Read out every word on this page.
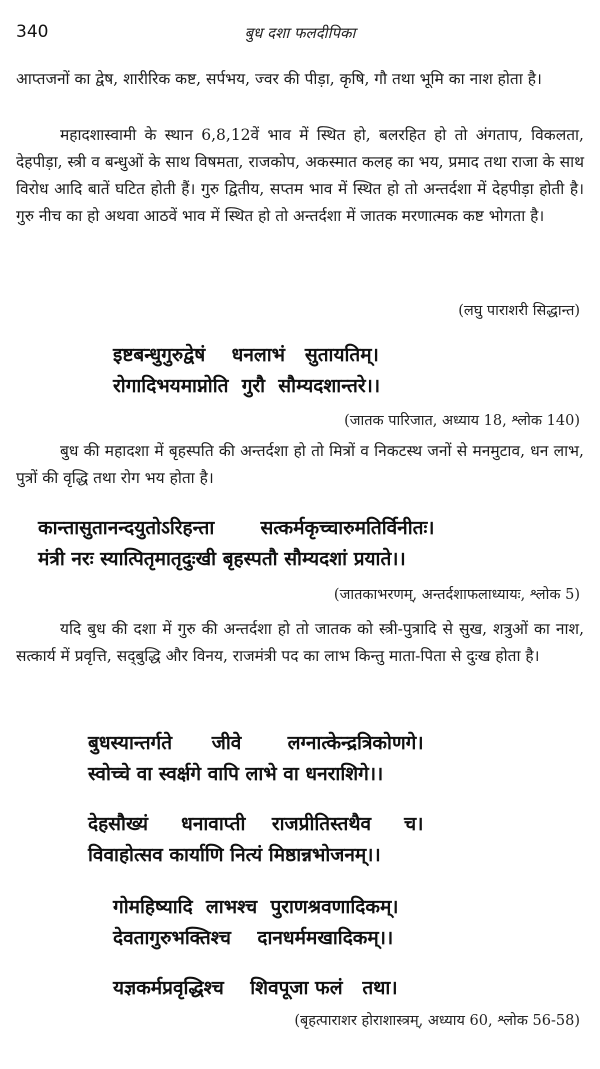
340	बुध दशा फलदीपिका

आप्तजनों का द्वेष, शारीरिक कष्ट, सर्पभय, ज्वर की पीड़ा, कृषि, गौ तथा भूमि का नाश होता है।

महादशास्वामी के स्थान 6,8,12वें भाव में स्थित हो, बलरहित हो तो अंगताप, विकलता, देहपीड़ा, स्त्री व बन्धुओं के साथ विषमता, राजकोप, अकस्मात कलह का भय, प्रमाद तथा राजा के साथ विरोध आदि बातें घटित होती हैं। गुरु द्वितीय, सप्तम भाव में स्थित हो तो अन्तर्दशा में देहपीड़ा होती है। गुरु नीच का हो अथवा आठवें भाव में स्थित हो तो अन्तर्दशा में जातक मरणात्मक कष्ट भोगता है।

(लघु पाराशरी सिद्धान्त)
इष्टबन्धुगुरुद्वेषं    धनलाभं   सुतायतिम्।
रोगादिभयमाप्नोति  गुरौ  सौम्यदशान्तरे।।
(जातक पारिजात, अध्याय 18, श्लोक 140)

बुध की महादशा में बृहस्पति की अन्तर्दशा हो तो मित्रों व निकटस्थ जनों से मनमुटाव, धन लाभ, पुत्रों की वृद्धि तथा रोग भय होता है।

कान्तासुतानन्दयुतोऽरिहन्ता       सत्कर्मकृच्चारुमतिर्विनीतः।
मंत्री नरः स्यात्पितृमातृदुःखी बृहस्पतौ सौम्यदशां प्रयाते।।
(जातकाभरणम्, अन्तर्दशाफलाध्यायः, श्लोक 5)

यदि बुध की दशा में गुरु की अन्तर्दशा हो तो जातक को स्त्री-पुत्रादि से सुख, शत्रुओं का नाश, सत्कार्य में प्रवृत्ति, सद्‌बुद्धि और विनय, राजमंत्री पद का लाभ किन्तु माता-पिता से दुःख होता है।

बुधस्यान्तर्गते      जीवे       लग्नात्केन्द्रत्रिकोणगे।
स्वोच्चे वा स्वर्क्षगे वापि लाभे वा धनराशिगे।।
देहसौख्यं     धनावाप्ती    राजप्रीतिस्तथैव     च।
विवाहोत्सव कार्याणि नित्यं मिष्ठान्नभोजनम्।।
गोमहिष्यादि  लाभश्च  पुराणश्रवणादिकम्।
देवतागुरुभक्तिश्च    दानधर्ममखादिकम्।।
यज्ञकर्मप्रवृद्धिश्च    शिवपूजा फलं   तथा।
(बृहत्पाराशर होराशास्त्रम्, अध्याय 60, श्लोक 56-58)
